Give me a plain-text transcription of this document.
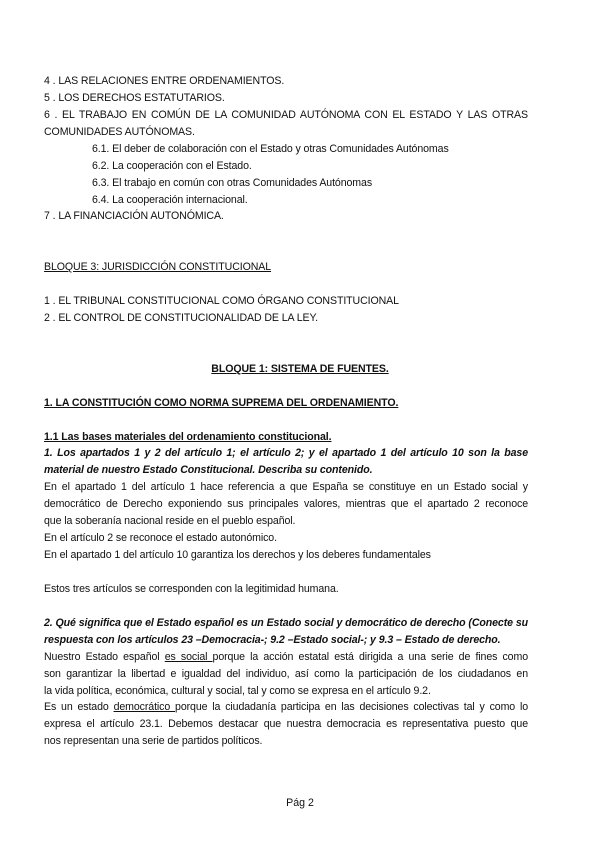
4 . LAS RELACIONES ENTRE ORDENAMIENTOS.
5 . LOS DERECHOS ESTATUTARIOS.
6 . EL TRABAJO EN COMÚN DE LA COMUNIDAD AUTÓNOMA CON EL ESTADO Y LAS OTRAS
COMUNIDADES AUTÓNOMAS.
6.1. El deber de colaboración con el Estado y otras Comunidades Autónomas
6.2. La cooperación con el Estado.
6.3. El trabajo en común con otras Comunidades Autónomas
6.4. La cooperación internacional.
7 . LA FINANCIACIÓN AUTONÓMICA.
BLOQUE 3: JURISDICCIÓN CONSTITUCIONAL
1 . EL TRIBUNAL CONSTITUCIONAL COMO ÓRGANO CONSTITUCIONAL
2 . EL CONTROL DE CONSTITUCIONALIDAD DE LA LEY.
BLOQUE 1: SISTEMA DE FUENTES.
1. LA CONSTITUCIÓN COMO NORMA SUPREMA DEL ORDENAMIENTO.
1.1 Las bases materiales del ordenamiento constitucional.
1. Los apartados 1 y 2 del artículo 1; el artículo 2; y el apartado 1 del artículo 10 son la base
material de nuestro Estado Constitucional. Describa su contenido.
En el apartado 1 del artículo 1 hace referencia a que España se constituye en un Estado social y
democrático de Derecho exponiendo sus principales valores, mientras que el apartado 2 reconoce
que la soberanía nacional reside en el pueblo español.
En el artículo 2 se reconoce el estado autonómico.
En el apartado 1 del artículo 10 garantiza los derechos y los deberes fundamentales
Estos tres artículos se corresponden con la legitimidad humana.
2. Qué significa que el Estado español es un Estado social y democrático de derecho (Conecte su
respuesta con los artículos 23 –Democracia-; 9.2 –Estado social-; y 9.3 – Estado de derecho.
Nuestro Estado español es social porque la acción estatal está dirigida a una serie de fines como
son garantizar la libertad e igualdad del individuo, así como la participación de los ciudadanos en
la vida política, económica, cultural y social, tal y como se expresa en el artículo 9.2.
Es un estado democrático porque la ciudadanía participa en las decisiones colectivas tal y como lo
expresa el artículo 23.1. Debemos destacar que nuestra democracia es representativa puesto que
nos representan una serie de partidos políticos.
Pág 2
